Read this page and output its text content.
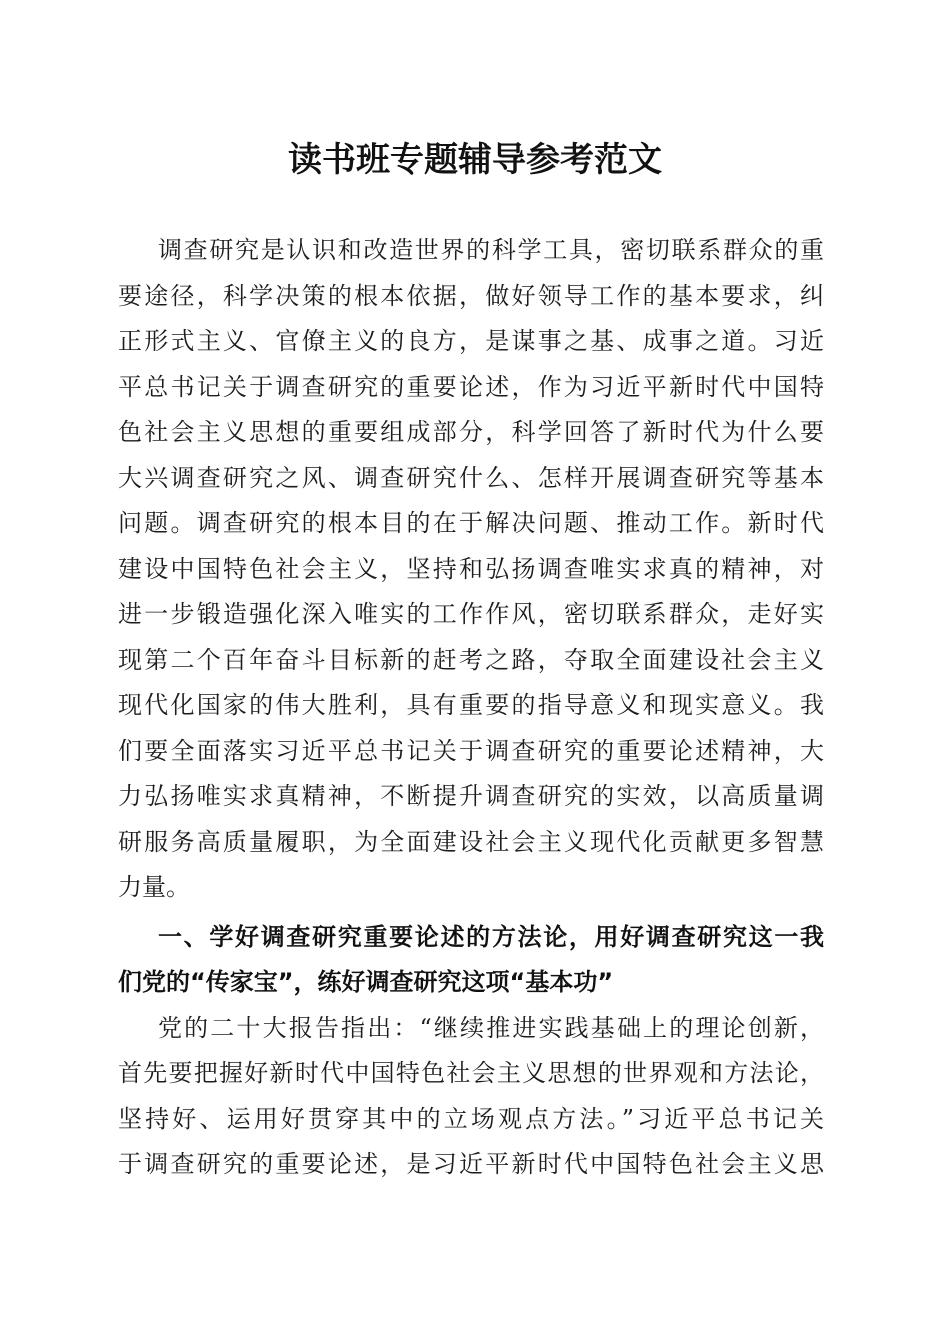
读书班专题辅导参考范文
调查研究是认识和改造世界的科学工具，密切联系群众的重
要途径，科学决策的根本依据，做好领导工作的基本要求，纠
正形式主义、官僚主义的良方，是谋事之基、成事之道。习近
平总书记关于调查研究的重要论述，作为习近平新时代中国特
色社会主义思想的重要组成部分，科学回答了新时代为什么要
大兴调查研究之风、调查研究什么、怎样开展调查研究等基本
问题。调查研究的根本目的在于解决问题、推动工作。新时代
建设中国特色社会主义，坚持和弘扬调查唯实求真的精神，对
进一步锻造强化深入唯实的工作作风，密切联系群众，走好实
现第二个百年奋斗目标新的赶考之路，夺取全面建设社会主义
现代化国家的伟大胜利，具有重要的指导意义和现实意义。我
们要全面落实习近平总书记关于调查研究的重要论述精神，大
力弘扬唯实求真精神，不断提升调查研究的实效，以高质量调
研服务高质量履职，为全面建设社会主义现代化贡献更多智慧
力量。
一、学好调查研究重要论述的方法论，用好调查研究这一我
们党的“传家宝”，练好调查研究这项“基本功”
党的二十大报告指出：“继续推进实践基础上的理论创新，
首先要把握好新时代中国特色社会主义思想的世界观和方法论，
坚持好、运用好贯穿其中的立场观点方法。”习近平总书记关
于调查研究的重要论述，是习近平新时代中国特色社会主义思
